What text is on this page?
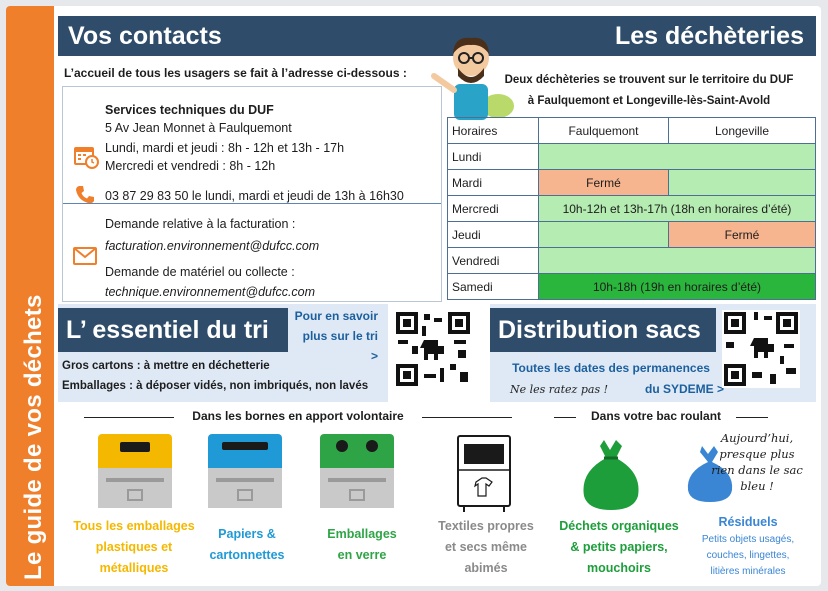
Le guide de vos déchets
Vos contacts	Les déchèteries
L’accueil de tous les usagers se fait à l’adresse ci-dessous :
Services techniques du DUF
5 Av Jean Monnet à Faulquemont
Lundi, mardi et jeudi : 8h - 12h et 13h - 17h
Mercredi et vendredi : 8h - 12h
03 87 29 83 50 le lundi, mardi et jeudi de 13h à 16h30
Demande relative à la facturation :
facturation.environnement@dufcc.com
Demande de matériel ou collecte :
technique.environnement@dufcc.com
Deux déchèteries se trouvent sur le territoire du DUF
à Faulquemont et Longeville-lès-Saint-Avold
Horaires	Faulquemont	Longeville
Lundi		
Mardi	Fermé	
Mercredi	10h-12h et 13h-17h (18h en horaires d’été)	
Jeudi		Fermé
Vendredi		
Samedi	10h-18h (19h en horaires d’été)	
L’ essentiel du tri	Pour en savoir
plus sur le tri
>
Gros cartons : à mettre en déchetterie
Emballages : à déposer vidés, non imbriqués, non lavés
Distribution sacs
Toutes les dates des permanences
Ne les ratez pas !	du SYDEME >
Dans les bornes en apport volontaire	Dans votre bac roulant
Tous les emballages plastiques et métalliques
Papiers & cartonnettes
Emballages en verre
Textiles propres et secs même abimés
Déchets organiques & petits papiers, mouchoirs
Résiduels
Petits objets usagés, couches, lingettes, litières minérales
Aujourd’hui, presque plus rien dans le sac bleu !
